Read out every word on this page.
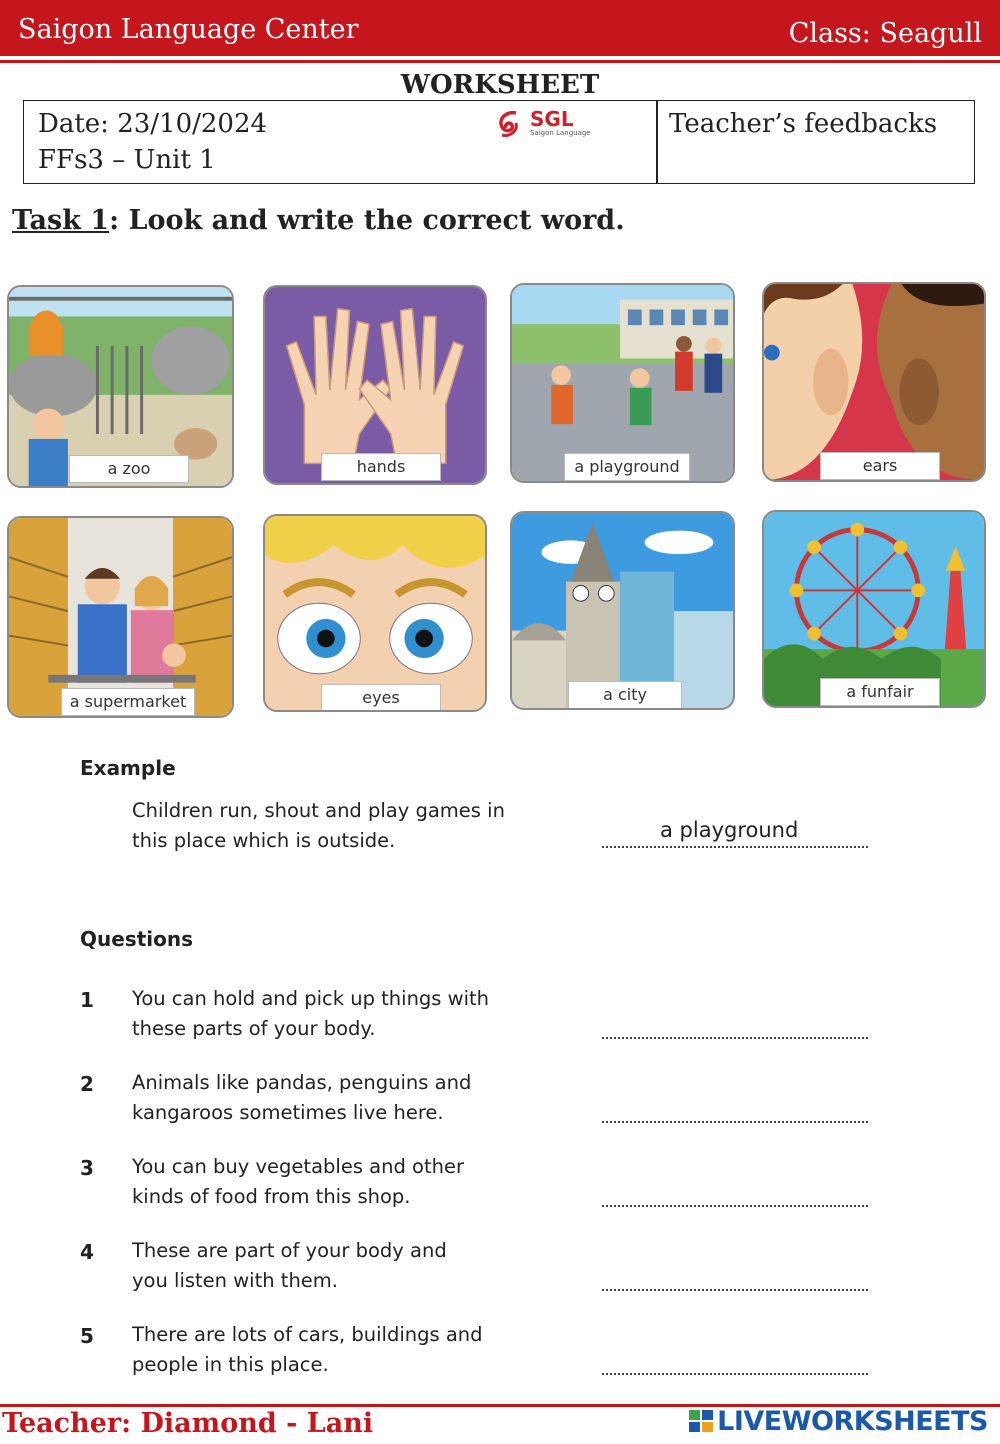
Saigon Language Center	Class: Seagull
WORKSHEET
Date: 23/10/2024
FFs3 – Unit 1
SGL
Saigon Language	Teacher’s feedbacks
Task 1: Look and write the correct word.
a zoo	hands	a playground	ears
a supermarket	eyes	a city	a funfair
Example
Children run, shout and play games in
this place which is outside.	a playground
Questions
1 You can hold and pick up things with
these parts of your body.
2 Animals like pandas, penguins and
kangaroos sometimes live here.
3 You can buy vegetables and other
kinds of food from this shop.
4 These are part of your body and
you listen with them.
5 There are lots of cars, buildings and
people in this place.
Teacher: Diamond - Lani	LIVEWORKSHEETS
